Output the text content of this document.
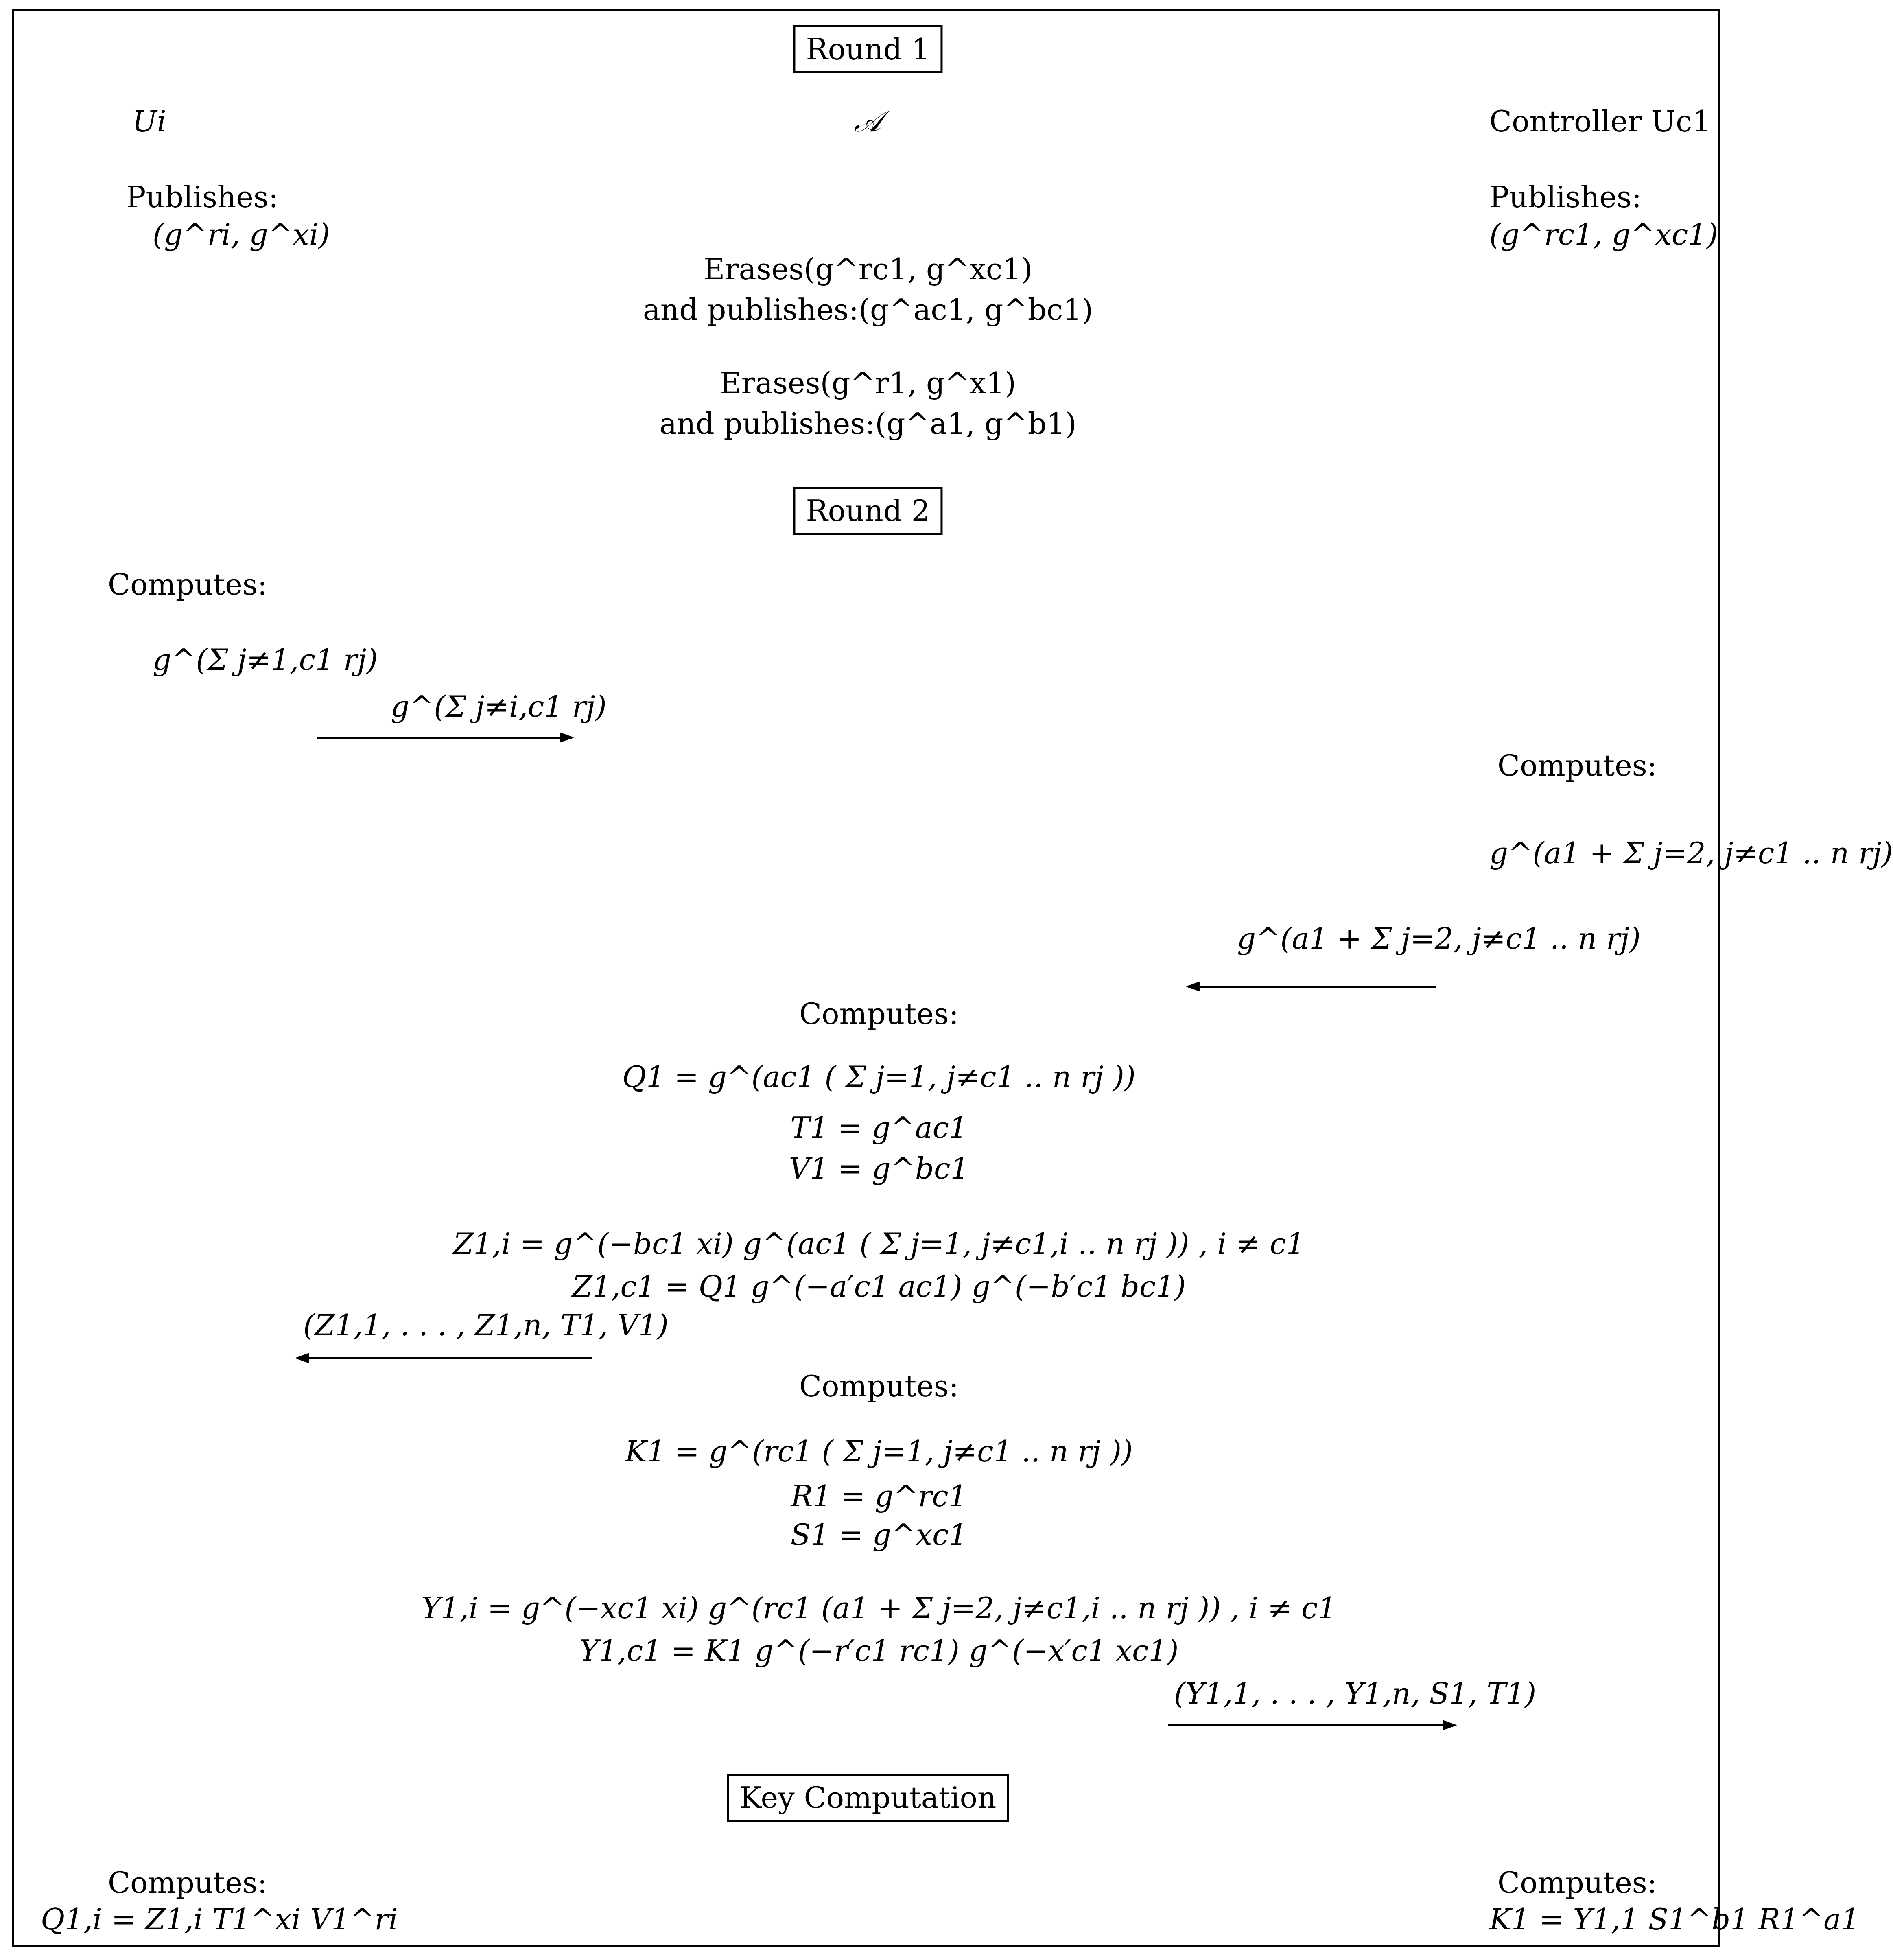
Round 1
Round 2
Key Computation
Ui	𝒜	Controller Uc1
Publishes:
(g^ri, g^xi)
Publishes:
(g^rc1, g^xc1)
Erases(g^rc1, g^xc1)
and publishes:(g^ac1, g^bc1)
Erases(g^r1, g^x1)
and publishes:(g^a1, g^b1)
Computes:
g^(Σ j≠1,c1 rj)
g^(Σ j≠i,c1 rj)
Computes:
g^(a1 + Σ j=2, j≠c1 .. n rj)
g^(a1 + Σ j=2, j≠c1 .. n rj)
Computes:
Q1 = g^(ac1 ( Σ j=1, j≠c1 .. n rj ))
T1 = g^ac1
V1 = g^bc1
Z1,i = g^(−bc1 xi) g^(ac1 ( Σ j=1, j≠c1,i .. n rj )) , i ≠ c1
Z1,c1 = Q1 g^(−a′c1 ac1) g^(−b′c1 bc1)
(Z1,1, . . . , Z1,n, T1, V1)
Computes:
K1 = g^(rc1 ( Σ j=1, j≠c1 .. n rj ))
R1 = g^rc1
S1 = g^xc1
Y1,i = g^(−xc1 xi) g^(rc1 (a1 + Σ j=2, j≠c1,i .. n rj )) , i ≠ c1
Y1,c1 = K1 g^(−r′c1 rc1) g^(−x′c1 xc1)
(Y1,1, . . . , Y1,n, S1, T1)
Computes:
Q1,i = Z1,i T1^xi V1^ri
Computes:
K1 = Y1,1 S1^b1 R1^a1
